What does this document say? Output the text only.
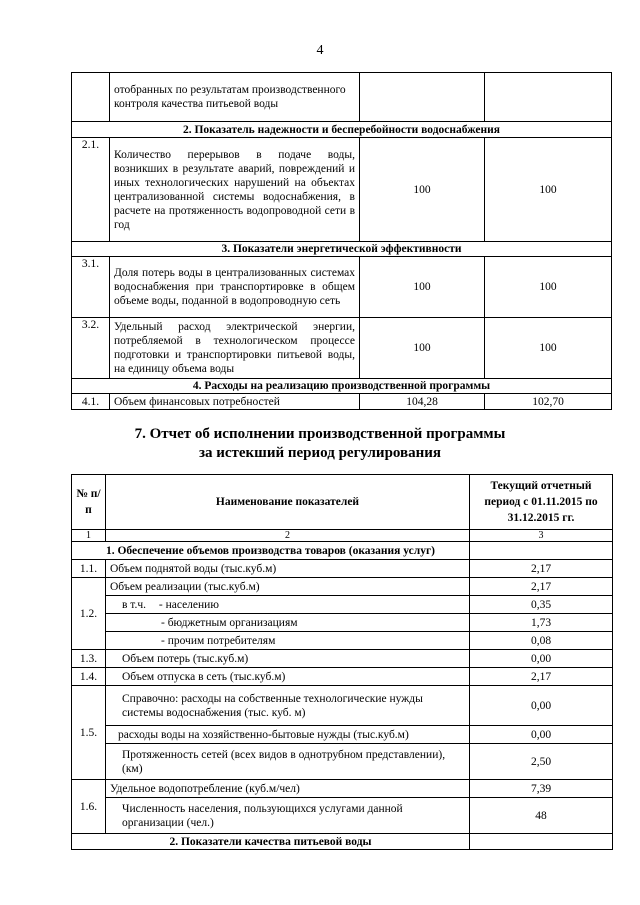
4
	отобранных по результатам производственного контроля качества питьевой воды		
2. Показатель надежности и бесперебойности водоснабжения			
2.1.	Количество перерывов в подаче воды, возникших в результате аварий, повреждений и иных технологических нарушений на объектах централизованной системы водоснабжения, в расчете на протяженность водопроводной сети в год	100	100
3. Показатели энергетической эффективности			
3.1.	Доля потерь воды в централизованных системах водоснабжения при транспортировке в общем объеме воды, поданной в водопроводную сеть	100	100
3.2.	Удельный расход электрической энергии, потребляемой в технологическом процессе подготовки и транспортировки питьевой воды, на единицу объема воды	100	100
4. Расходы на реализацию производственной программы			
4.1.	Объем финансовых потребностей	104,28	102,70
7. Отчет об исполнении производственной программы
за истекший период регулирования
№ п/п	Наименование показателей	Текущий отчетный период с 01.11.2015 по 31.12.2015 гг.
1	2	3
1. Обеспечение объемов производства товаров (оказания услуг)		
1.1.	Объем поднятой воды (тыс.куб.м)	2,17
1.2.	Объем реализации (тыс.куб.м)	2,17
	в т.ч. - населению	0,35
	- бюджетным организациям	1,73
	- прочим потребителям	0,08
1.3.	Объем потерь (тыс.куб.м)	0,00
1.4.	Объем отпуска в сеть (тыс.куб.м)	2,17
1.5.	Справочно: расходы на собственные технологические нужды системы водоснабжения (тыс. куб. м)	0,00
	расходы воды на хозяйственно-бытовые нужды (тыс.куб.м)	0,00
	Протяженность сетей (всех видов в однотрубном представлении), (км)	2,50
1.6.	Удельное водопотребление (куб.м/чел)	7,39
	Численность населения, пользующихся услугами данной организации (чел.)	48
2. Показатели качества питьевой воды		
